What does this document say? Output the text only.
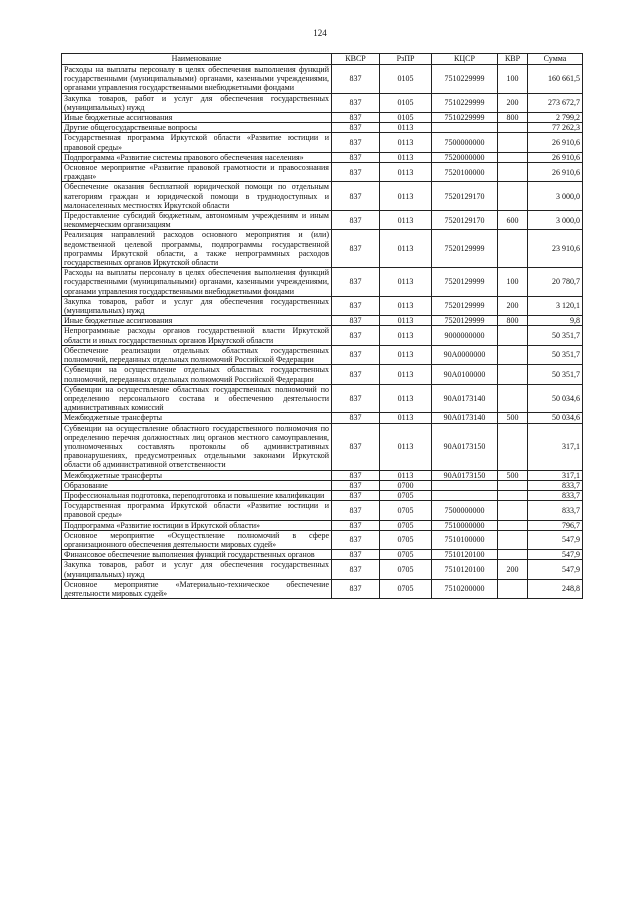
124
Наименование	КВСР	РзПР	КЦСР	КВР	Сумма
Расходы на выплаты персоналу в целях обеспечения выполнения функций государственными (муниципальными) органами, казенными учреждениями, органами управления государственными внебюджетными фондами	837	0105	7510229999	100	160 661,5
Закупка товаров, работ и услуг для обеспечения государственных (муниципальных) нужд	837	0105	7510229999	200	273 672,7
Иные бюджетные ассигнования	837	0105	7510229999	800	2 799,2
Другие общегосударственные вопросы	837	0113			77 262,3
Государственная программа Иркутской области «Развитие юстиции и правовой среды»	837	0113	7500000000		26 910,6
Подпрограмма «Развитие системы правового обеспечения населения»	837	0113	7520000000		26 910,6
Основное мероприятие «Развитие правовой грамотности и правосознания граждан»	837	0113	7520100000		26 910,6
Обеспечение оказания бесплатной юридической помощи по отдельным категориям граждан и юридической помощи в труднодоступных и малонаселенных местностях Иркутской области	837	0113	7520129170		3 000,0
Предоставление субсидий бюджетным, автономным учреждениям и иным некоммерческим организациям	837	0113	7520129170	600	3 000,0
Реализация направлений расходов основного мероприятия и (или) ведомственной целевой программы, подпрограммы государственной программы Иркутской области, а также непрограммных расходов государственных органов Иркутской области	837	0113	7520129999		23 910,6
Расходы на выплаты персоналу в целях обеспечения выполнения функций государственными (муниципальными) органами, казенными учреждениями, органами управления государственными внебюджетными фондами	837	0113	7520129999	100	20 780,7
Закупка товаров, работ и услуг для обеспечения государственных (муниципальных) нужд	837	0113	7520129999	200	3 120,1
Иные бюджетные ассигнования	837	0113	7520129999	800	9,8
Непрограммные расходы органов государственной власти Иркутской области и иных государственных органов Иркутской области	837	0113	9000000000		50 351,7
Обеспечение реализации отдельных областных государственных полномочий, переданных отдельных полномочий Российской Федерации	837	0113	90А0000000		50 351,7
Субвенции на осуществление отдельных областных государственных полномочий, переданных отдельных полномочий Российской Федерации	837	0113	90А0100000		50 351,7
Субвенции на осуществление областных государственных полномочий по определению персонального состава и обеспечению деятельности административных комиссий	837	0113	90А0173140		50 034,6
Межбюджетные трансферты	837	0113	90А0173140	500	50 034,6
Субвенции на осуществление областного государственного полномочия по определению перечня должностных лиц органов местного самоуправления, уполномоченных составлять протоколы об административных правонарушениях, предусмотренных отдельными законами Иркутской области об административной ответственности	837	0113	90А0173150		317,1
Межбюджетные трансферты	837	0113	90А0173150	500	317,1
Образование	837	0700			833,7
Профессиональная подготовка, переподготовка и повышение квалификации	837	0705			833,7
Государственная программа Иркутской области «Развитие юстиции и правовой среды»	837	0705	7500000000		833,7
Подпрограмма «Развитие юстиции в Иркутской области»	837	0705	7510000000		796,7
Основное мероприятие «Осуществление полномочий в сфере организационного обеспечения деятельности мировых судей»	837	0705	7510100000		547,9
Финансовое обеспечение выполнения функций государственных органов	837	0705	7510120100		547,9
Закупка товаров, работ и услуг для обеспечения государственных (муниципальных) нужд	837	0705	7510120100	200	547,9
Основное мероприятие «Материально-техническое обеспечение деятельности мировых судей»	837	0705	7510200000		248,8
